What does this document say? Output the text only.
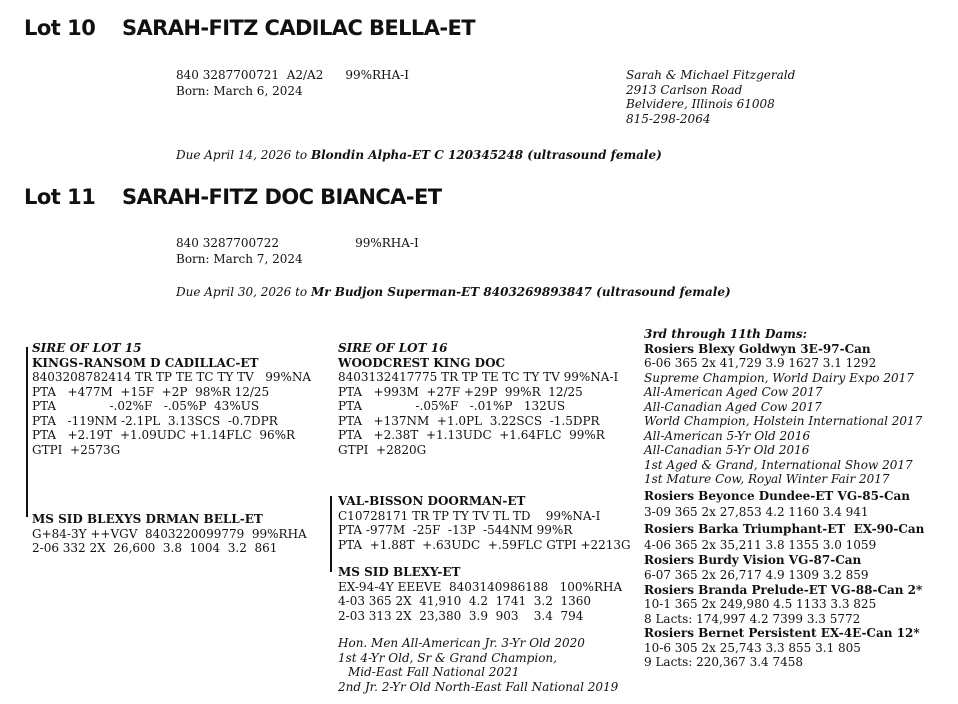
Lot 10 SARAH-FITZ CADILAC BELLA-ET
840 3287700721  A2/A2 99%RHA-I
Born: March 6, 2024
Sarah & Michael Fitzgerald
2913 Carlson Road
Belvidere, Illinois 61008
815-298-2064
Due April 14, 2026 to Blondin Alpha-ET C 120345248 (ultrasound female)
Lot 11 SARAH-FITZ DOC BIANCA-ET
840 3287700722	99%RHA-I
Born: March 7, 2024
Due April 30, 2026 to Mr Budjon Superman-ET 8403269893847 (ultrasound female)
SIRE OF LOT 15
KINGS-RANSOM D CADILLAC-ET
8403208782414 TR TP TE TC TY TV   99%NA
PTA   +477M  +15F  +2P  98%R 12/25
PTA              -.02%F   -.05%P  43%US
PTA   -119NM -2.1PL  3.13SCS  -0.7DPR
PTA   +2.19T  +1.09UDC +1.14FLC  96%R
GTPI  +2573G
MS SID BLEXYS DRMAN BELL-ET
G+84-3Y ++VGV  8403220099779  99%RHA
2-06 332 2X  26,600  3.8  1004  3.2  861
SIRE OF LOT 16
WOODCREST KING DOC
8403132417775 TR TP TE TC TY TV 99%NA-I
PTA   +993M  +27F +29P  99%R  12/25
PTA              -.05%F   -.01%P   132US
PTA   +137NM  +1.0PL  3.22SCS  -1.5DPR
PTA   +2.38T  +1.13UDC  +1.64FLC  99%R
GTPI  +2820G
VAL-BISSON DOORMAN-ET
C10728171 TR TP TY TV TL TD    99%NA-I
PTA -977M  -25F  -13P  -544NM 99%R
PTA  +1.88T  +.63UDC  +.59FLC GTPI +2213G
MS SID BLEXY-ET
EX-94-4Y EEEVE  8403140986188   100%RHA
4-03 365 2X  41,910  4.2  1741  3.2  1360
2-03 313 2X  23,380  3.9  903    3.4  794
Hon. Men All-American Jr. 3-Yr Old 2020
1st 4-Yr Old, Sr & Grand Champion,
Mid-East Fall National 2021
2nd Jr. 2-Yr Old North-East Fall National 2019
3rd through 11th Dams:
Rosiers Blexy Goldwyn 3E-97-Can
6-06 365 2x 41,729 3.9 1627 3.1 1292
Supreme Champion, World Dairy Expo 2017
All-American Aged Cow 2017
All-Canadian Aged Cow 2017
World Champion, Holstein International 2017
All-American 5-Yr Old 2016
All-Canadian 5-Yr Old 2016
1st Aged & Grand, International Show 2017
1st Mature Cow, Royal Winter Fair 2017
Rosiers Beyonce Dundee-ET VG-85-Can
3-09 365 2x 27,853 4.2 1160 3.4 941
Rosiers Barka Triumphant-ET  EX-90-Can
4-06 365 2x 35,211 3.8 1355 3.0 1059
Rosiers Burdy Vision VG-87-Can
6-07 365 2x 26,717 4.9 1309 3.2 859
Rosiers Branda Prelude-ET VG-88-Can 2*
10-1 365 2x 249,980 4.5 1133 3.3 825
8 Lacts: 174,997 4.2 7399 3.3 5772
Rosiers Bernet Persistent EX-4E-Can 12*
10-6 305 2x 25,743 3.3 855 3.1 805
9 Lacts: 220,367 3.4 7458
